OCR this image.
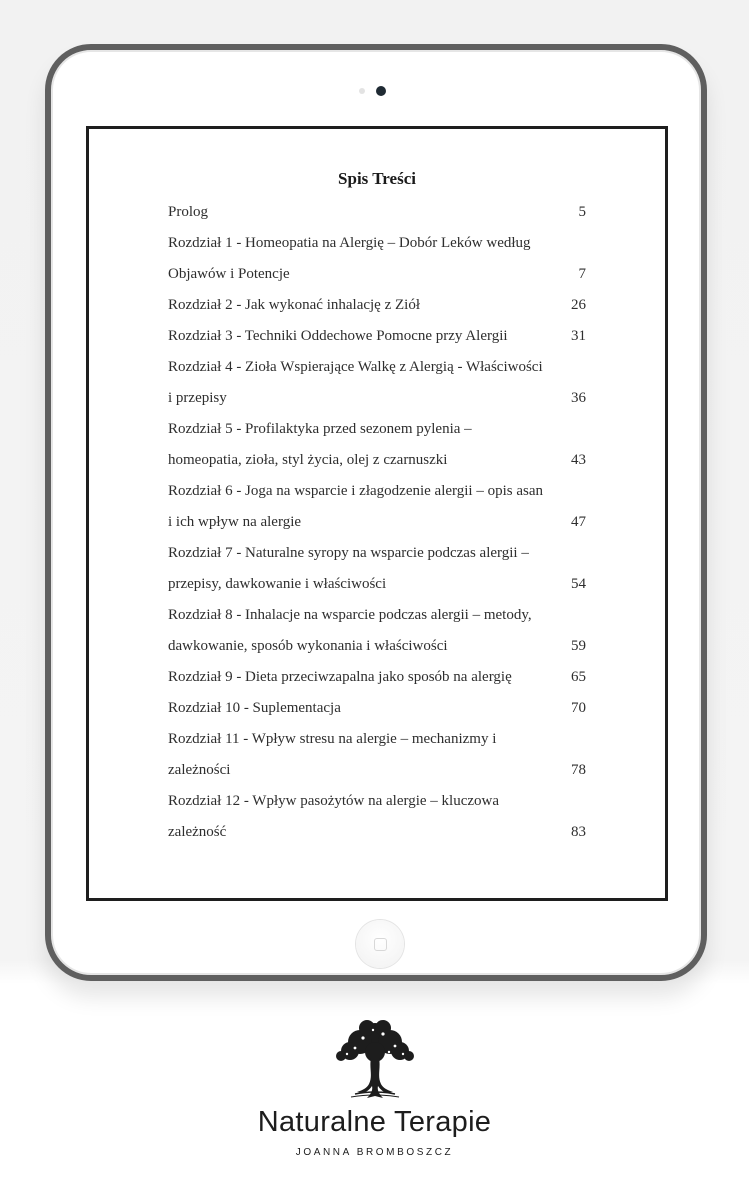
Spis Treści
Prolog	5
Rozdział 1 - Homeopatia na Alergię – Dobór Leków według Objawów i Potencje	7
Rozdział 2 - Jak wykonać inhalację z Ziół	26
Rozdział 3 - Techniki Oddechowe Pomocne przy Alergii	31
Rozdział 4 - Zioła Wspierające Walkę z Alergią - Właściwości i przepisy	36
Rozdział 5 - Profilaktyka przed sezonem pylenia – homeopatia, zioła, styl życia, olej z czarnuszki	43
Rozdział 6 - Joga na wsparcie i złagodzenie alergii – opis asan i ich wpływ na alergie	47
Rozdział 7 - Naturalne syropy na wsparcie podczas alergii – przepisy, dawkowanie i właściwości	54
Rozdział 8 - Inhalacje na wsparcie podczas alergii – metody, dawkowanie, sposób wykonania i właściwości	59
Rozdział 9 - Dieta przeciwzapalna jako sposób na alergię	65
Rozdział 10 - Suplementacja	70
Rozdział 11 - Wpływ stresu na alergie – mechanizmy i zależności	78
Rozdział 12 - Wpływ pasożytów na alergie – kluczowa zależność	83
Naturalne Terapie
JOANNA BROMBOSZCZ
